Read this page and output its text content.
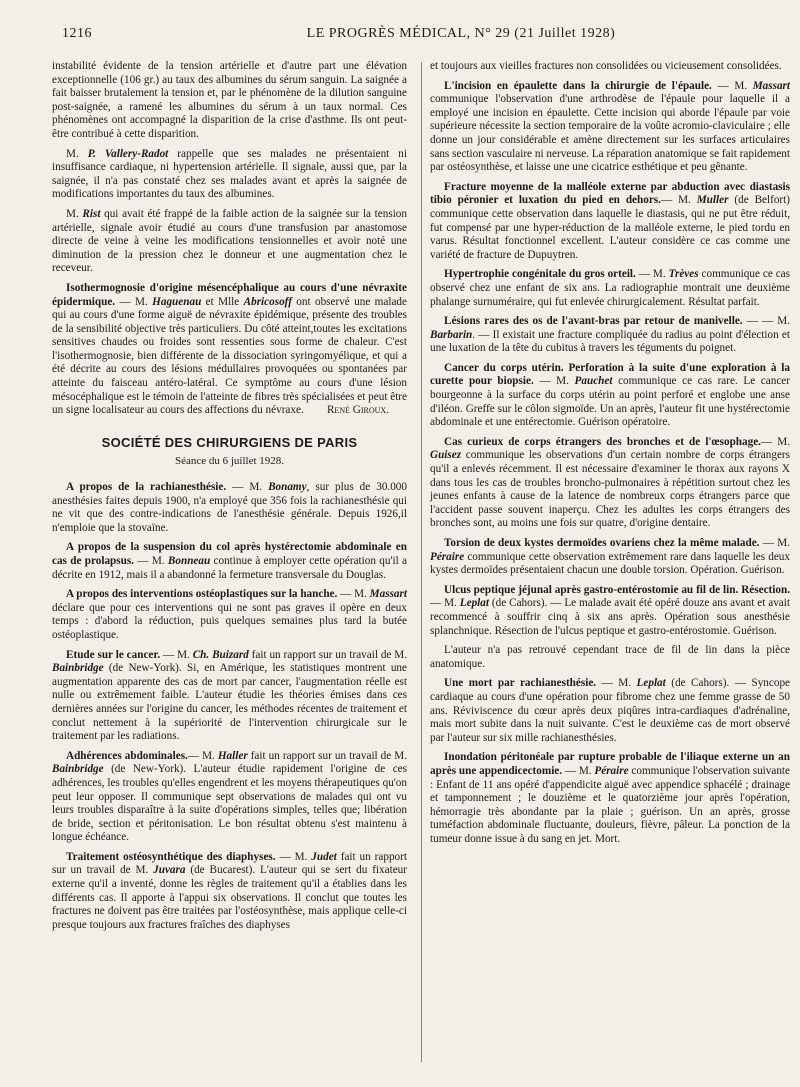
1216	LE PROGRÈS MÉDICAL, N° 29 (21 Juillet 1928)

instabilité évidente de la tension artérielle et d'autre part une élévation exceptionnelle (106 gr.) au taux des albumines du sérum sanguin. La saignée a fait baisser brutalement la tension et, par le phénomène de la dilution sanguine post-saignée, a ramené les albumines du sérum à un taux normal. Ces phénomènes ont accompagné la disparition de la crise d'asthme. Ils ont peut-être contribué à cette disparition.

M. P. Vallery-Radot rappelle que ses malades ne présentaient ni insuffisance cardiaque, ni hypertension artérielle. Il signale, aussi que, par la saignée, il n'a pas constaté chez ses malades avant et après la saignée de modifications importantes du taux des albumines.

M. Rist qui avait été frappé de la faible action de la saignée sur la tension artérielle, signale avoir étudié au cours d'une transfusion par anastomose directe de veine à veine les modifications tensionnelles et avoir noté une diminution de la pression chez le donneur et une augmentation chez le receveur.

Isothermognosie d'origine mésencéphalique au cours d'une névraxite épidermique. — M. Haguenau et Mlle Abricosoff ont observé une malade qui au cours d'une forme aiguë de névraxite épidémique, présente des troubles de la sensibilité objective très particuliers. Du côté atteint,toutes les excitations sensitives chaudes ou froides sont ressenties sous forme de chaleur. C'est l'isothermognosie, bien différente de la dissociation syringomyélique, et qui a été décrite au cours des lésions médullaires provoquées ou spontanées par atteinte du faisceau antéro-latéral. Ce symptôme au cours d'une lésion mésocéphalique est le témoin de l'atteinte de fibres très spécialisées et peut être un signe localisateur au cours des affections du névraxe.	René Giroux.

SOCIÉTÉ DES CHIRURGIENS DE PARIS
Séance du 6 juillet 1928.

A propos de la rachianesthésie. — M. Bonamy, sur plus de 30.000 anesthésies faites depuis 1900, n'a employé que 356 fois la rachianesthésie qui ne vit que des contre-indications de l'anesthésie générale. Depuis 1926,il n'emploie que la stovaïne.

A propos de la suspension du col après hystérectomie abdominale en cas de prolapsus. — M. Bonneau continue à employer cette opération qu'il a décrite en 1912, mais il a abandonné la fermeture transversale du Douglas.

A propos des interventions ostéoplastiques sur la hanche. — M. Massart déclare que pour ces interventions qui ne sont pas graves il opère en deux temps : d'abord la réduction, puis quelques semaines plus tard la butée ostéoplastique.

Etude sur le cancer. — M. Ch. Buizard fait un rapport sur un travail de M. Bainbridge (de New-York). Si, en Amérique, les statistiques montrent une augmentation apparente des cas de mort par cancer, l'augmentation réelle est nulle ou extrêmement faible. L'auteur étudie les théories émises dans ces dernières années sur l'origine du cancer, les méthodes récentes de traitement et conclut nettement à la supériorité de l'intervention chirurgicale sur le traitement par les radiations.

Adhérences abdominales.— M. Haller fait un rapport sur un travail de M. Bainbridge (de New-York). L'auteur étudie rapidement l'origine de ces adhérences, les troubles qu'elles engendrent et les moyens thérapeutiques qu'on peut leur opposer. Il communique sept observations de malades qui ont vu leurs troubles disparaître à la suite d'opérations simples, telles que; libération de bride, section et péritonisation. Le bon résultat obtenu s'est maintenu à longue échéance.

Traitement ostéosynthétique des diaphyses. — M. Judet fait un rapport sur un travail de M. Juvara (de Bucarest). L'auteur qui se sert du fixateur externe qu'il a inventé, donne les règles de traitement qu'il a établies dans les différents cas. Il apporte à l'appui six observations. Il conclut que toutes les fractures ne doivent pas être traitées par l'ostéosynthèse, mais applique celle-ci presque toujours aux fractures fraîches des diaphyses

et toujours aux vieilles fractures non consolidées ou vicieusement consolidées.

L'incision en épaulette dans la chirurgie de l'épaule. — M. Massart communique l'observation d'une arthrodèse de l'épaule pour laquelle il a employé une incision en épaulette. Cette incision qui aborde l'épaule par voie supérieure nécessite la section temporaire de la voûte acromio-claviculaire ; elle donne un jour considérable et amène directement sur les surfaces articulaires sans section vasculaire ni nerveuse. La réparation anatomique se fait rapidement par ostéosynthèse, et laisse une une cicatrice esthétique et peu gênante.

Fracture moyenne de la malléole externe par abduction avec diastasis tibio péronier et luxation du pied en dehors.— M. Muller (de Belfort) communique cette observation dans laquelle le diastasis, qui ne put être réduit, fut compensé par une hyper-réduction de la malléole externe, le pied tordu en varus. Résultat fonctionnel excellent. L'auteur considère ce cas comme une variété de fracture de Dupuytren.

Hypertrophie congénitale du gros orteil. — M. Trèves communique ce cas observé chez une enfant de six ans. La radiographie montrait une deuxième phalange surnuméraire, qui fut enlevée chirurgicalement. Résultat parfait.

Lésions rares des os de l'avant-bras par retour de manivelle. — — M. Barbarin. — Il existait une fracture compliquée du radius au point d'élection et une luxation de la tête du cubitus à travers les téguments du poignet.

Cancer du corps utérin. Perforation à la suite d'une exploration à la curette pour biopsie. — M. Pauchet communique ce cas rare. Le cancer bourgeonne à la surface du corps utérin au point perforé et englobe une anse d'iléon. Greffe sur le côlon sigmoïde. Un an après, l'auteur fit une hystérectomie abdominale et une entérectomie. Guérison opératoire.

Cas curieux de corps étrangers des bronches et de l'œsophage.— M. Guisez communique les observations d'un certain nombre de corps étrangers qu'il a enlevés récemment. Il est nécessaire d'examiner le thorax aux rayons X dans tous les cas de troubles broncho-pulmonaires à répétition surtout chez les jeunes enfants à cause de la latence de nombreux corps étrangers parce que l'accident passe souvent inaperçu. Chez les adultes les corps étrangers des bronches sont, au moins une fois sur quatre, d'origine dentaire.

Torsion de deux kystes dermoïdes ovariens chez la même malade. — M. Péraire communique cette observation extrêmement rare dans laquelle les deux kystes dermoïdes présentaient chacun une double torsion. Opération. Guérison.

Ulcus peptique jéjunal après gastro-entérostomie au fil de lin. Résection. — M. Leplat (de Cahors). — Le malade avait été opéré douze ans avant et avait recommencé à souffrir cinq à six ans après. Opération sous anesthésie splanchnique. Résection de l'ulcus peptique et gastro-entérostomie. Guérison.

L'auteur n'a pas retrouvé cependant trace de fil de lin dans la pièce anatomique.

Une mort par rachianesthésie. — M. Leplat (de Cahors). — Syncope cardiaque au cours d'une opération pour fibrome chez une femme grasse de 50 ans. Réviviscence du cœur après deux piqûres intra-cardiaques d'adrénaline, mais mort subite dans la nuit suivante. C'est le deuxième cas de mort observé par l'auteur sur six mille rachianesthésies.

Inondation péritonéale par rupture probable de l'iliaque externe un an après une appendicectomie. — M. Péraire communique l'observation suivante : Enfant de 11 ans opéré d'appendicite aiguë avec appendice sphacélé ; drainage et tamponnement ; le douzième et le quatorzième jour après l'opération, hémorragie très abondante par la plaie ; guérison. Un an après, grosse tuméfaction abdominale fluctuante, douleurs, fièvre, pâleur. La ponction de la tumeur donne issue à du sang en jet. Mort.
